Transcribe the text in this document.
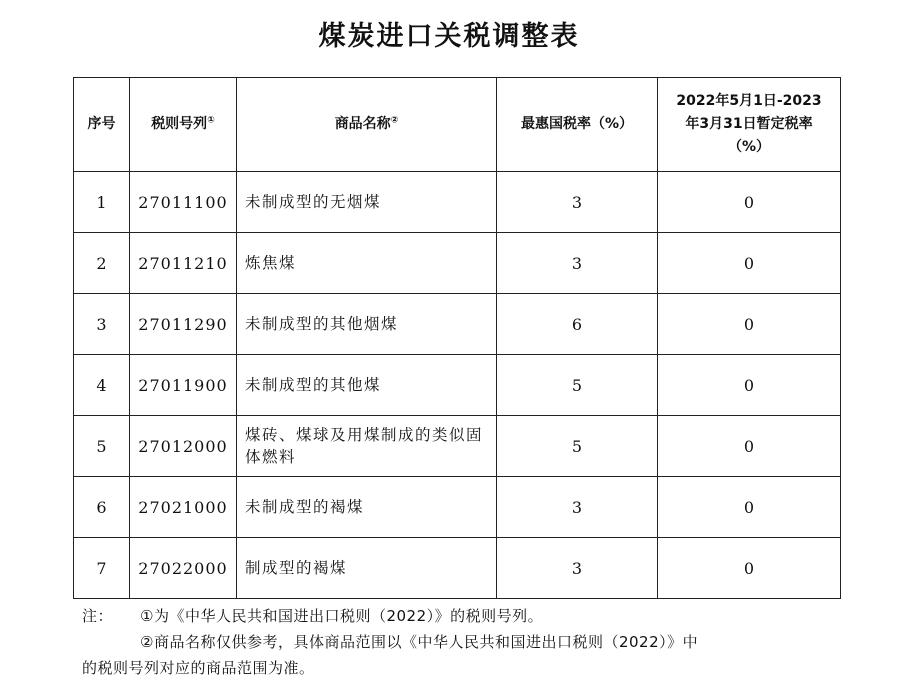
煤炭进口关税调整表
序号	税则号列①	商品名称②	最惠国税率（%）	2022年5月1日-2023
年3月31日暂定税率
（%）

1	27011100	未制成型的无烟煤	3	0
2	27011210	炼焦煤	3	0
3	27011290	未制成型的其他烟煤	6	0
4	27011900	未制成型的其他煤	5	0
5	27012000	煤砖、煤球及用煤制成的类似固体燃料	5	0
6	27021000	未制成型的褐煤	3	0
7	27022000	制成型的褐煤	3	0
注：	①为《中华人民共和国进出口税则（2022）》的税则号列。
②商品名称仅供参考，具体商品范围以《中华人民共和国进出口税则（2022）》中
的税则号列对应的商品范围为准。
